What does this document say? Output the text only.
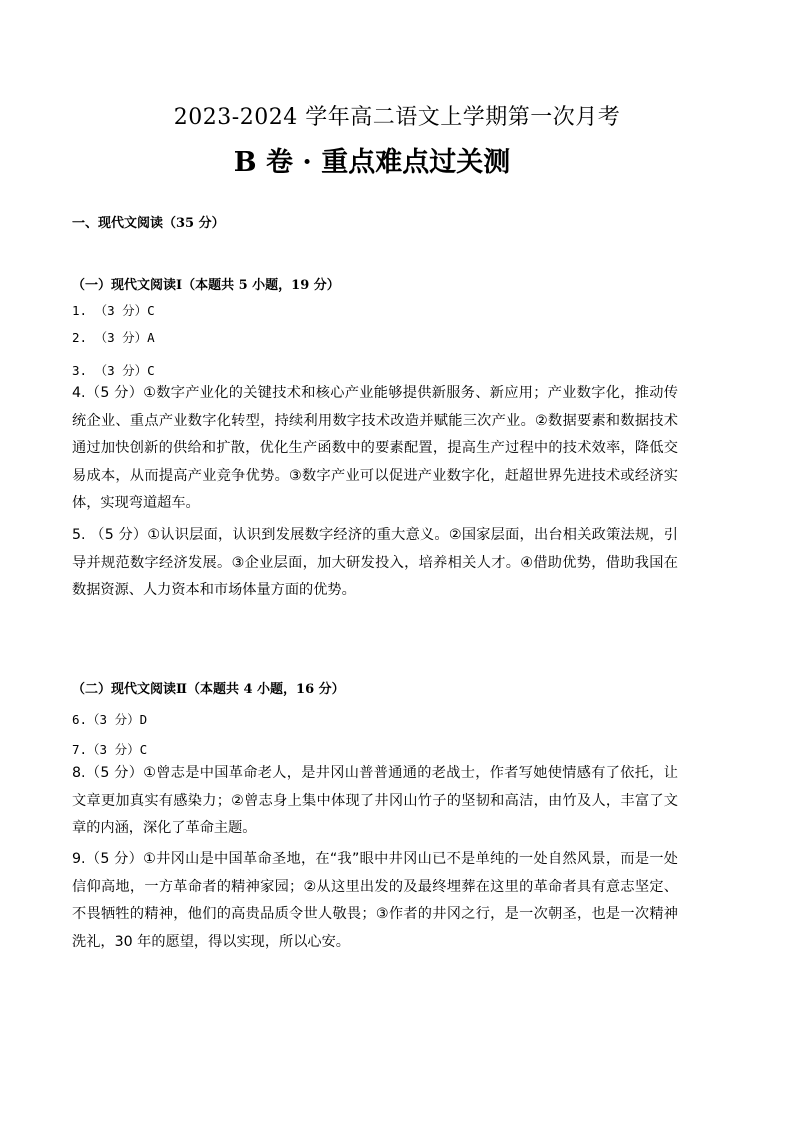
2023-2024 学年高二语文上学期第一次月考
B 卷 · 重点难点过关测
一、现代文阅读（35 分）
（一）现代文阅读Ⅰ（本题共 5 小题，19 分）
1. （3 分）C
2. （3 分）A
3. （3 分）C
4.（5 分）①数字产业化的关键技术和核心产业能够提供新服务、新应用；产业数字化，推动传统企业、重点产业数字化转型，持续利用数字技术改造并赋能三次产业。②数据要素和数据技术通过加快创新的供给和扩散，优化生产函数中的要素配置，提高生产过程中的技术效率，降低交易成本，从而提高产业竞争优势。③数字产业可以促进产业数字化，赶超世界先进技术或经济实体，实现弯道超车。
5. （5 分）①认识层面，认识到发展数字经济的重大意义。②国家层面，出台相关政策法规，引导并规范数字经济发展。③企业层面，加大研发投入，培养相关人才。④借助优势，借助我国在数据资源、人力资本和市场体量方面的优势。
（二）现代文阅读Ⅱ（本题共 4 小题，16 分）
6.（3 分）D
7.（3 分）C
8.（5 分）①曾志是中国革命老人，是井冈山普普通通的老战士，作者写她使情感有了依托，让文章更加真实有感染力；②曾志身上集中体现了井冈山竹子的坚韧和高洁，由竹及人，丰富了文章的内涵，深化了革命主题。
9.（5 分）①井冈山是中国革命圣地，在“我”眼中井冈山已不是单纯的一处自然风景，而是一处信仰高地，一方革命者的精神家园；②从这里出发的及最终埋葬在这里的革命者具有意志坚定、不畏牺牲的精神，他们的高贵品质令世人敬畏；③作者的井冈之行，是一次朝圣，也是一次精神洗礼，30 年的愿望，得以实现，所以心安。
